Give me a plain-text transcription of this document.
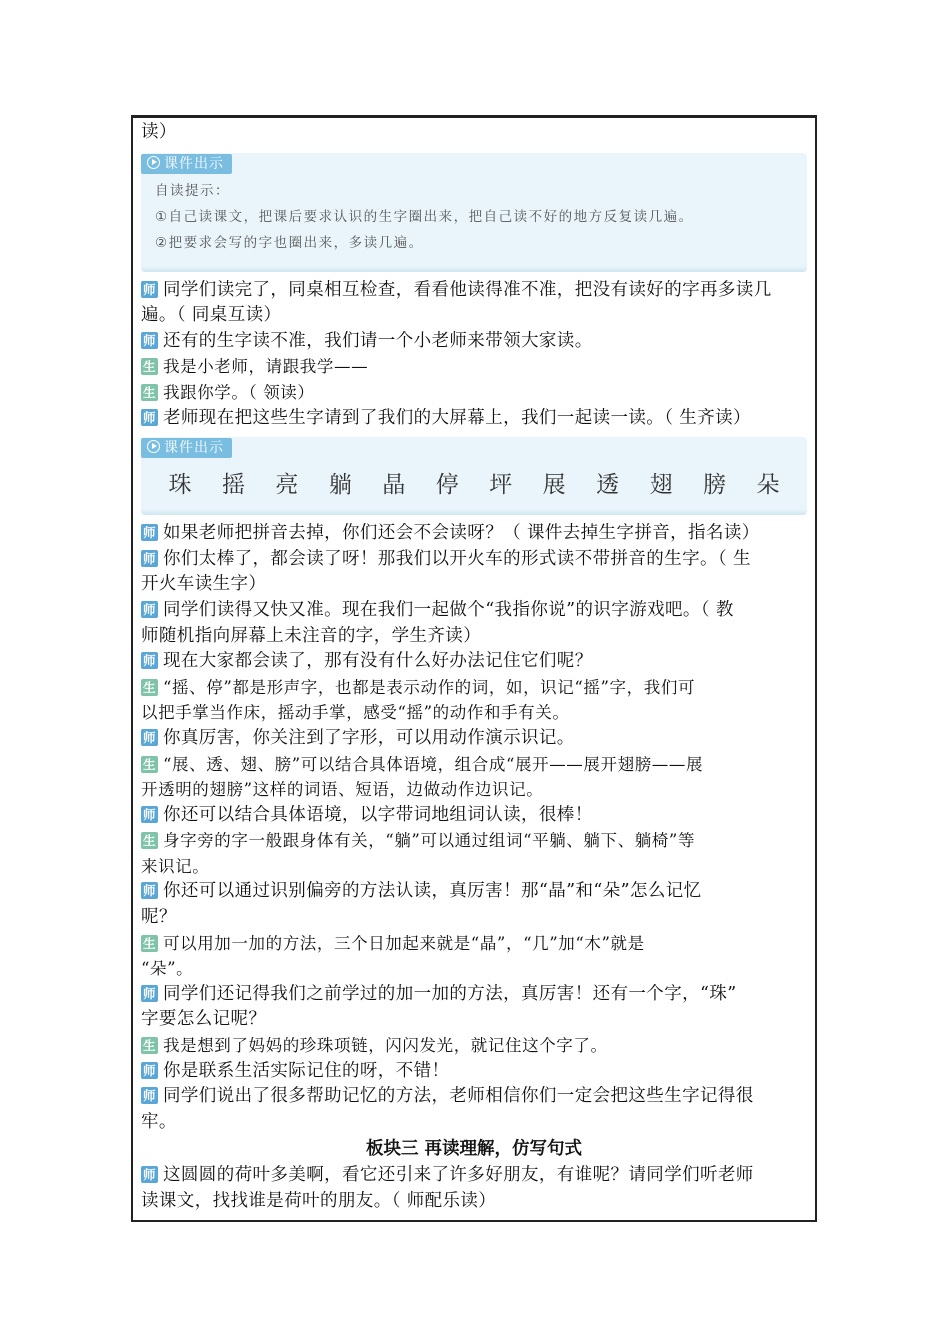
读）
课件出示
自读提示：
①自己读课文，把课后要求认识的生字圈出来，把自己读不好的地方反复读几遍。
②把要求会写的字也圈出来，多读几遍。
师 同学们读完了，同桌相互检查，看看他读得准不准，把没有读好的字再多读几
遍。（ 同桌互读）
师 还有的生字读不准，我们请一个小老师来带领大家读。
生 我是小老师，请跟我学——
生 我跟你学。（ 领读）
师 老师现在把这些生字请到了我们的大屏幕上，我们一起读一读。（ 生齐读）
课件出示
珠 摇 亮 躺 晶 停 坪 展 透 翅 膀 朵
师 如果老师把拼音去掉，你们还会不会读呀？（ 课件去掉生字拼音，指名读）
师 你们太棒了，都会读了呀！那我们以开火车的形式读不带拼音的生字。（ 生
开火车读生字）
师 同学们读得又快又准。现在我们一起做个“我指你说”的识字游戏吧。（ 教
师随机指向屏幕上未注音的字，学生齐读）
师 现在大家都会读了，那有没有什么好办法记住它们呢？
生 “摇、停”都是形声字，也都是表示动作的词，如，识记“摇”字，我们可
以把手掌当作床，摇动手掌，感受“摇”的动作和手有关。
师 你真厉害，你关注到了字形，可以用动作演示识记。
生 “展、透、翅、膀”可以结合具体语境，组合成“展开——展开翅膀——展
开透明的翅膀”这样的词语、短语，边做动作边识记。
师 你还可以结合具体语境，以字带词地组词认读，很棒！
生 身字旁的字一般跟身体有关，“躺”可以通过组词“平躺、躺下、躺椅”等
来识记。
师 你还可以通过识别偏旁的方法认读，真厉害！那“晶”和“朵”怎么记忆
呢？
生 可以用加一加的方法，三个日加起来就是“晶”，“几”加“木”就是
“朵”。
师 同学们还记得我们之前学过的加一加的方法，真厉害！还有一个字，“珠”
字要怎么记呢？
生 我是想到了妈妈的珍珠项链，闪闪发光，就记住这个字了。
师 你是联系生活实际记住的呀，不错！
师 同学们说出了很多帮助记忆的方法，老师相信你们一定会把这些生字记得很
牢。
板块三 再读理解，仿写句式
师 这圆圆的荷叶多美啊，看它还引来了许多好朋友，有谁呢？请同学们听老师
读课文，找找谁是荷叶的朋友。（ 师配乐读）
